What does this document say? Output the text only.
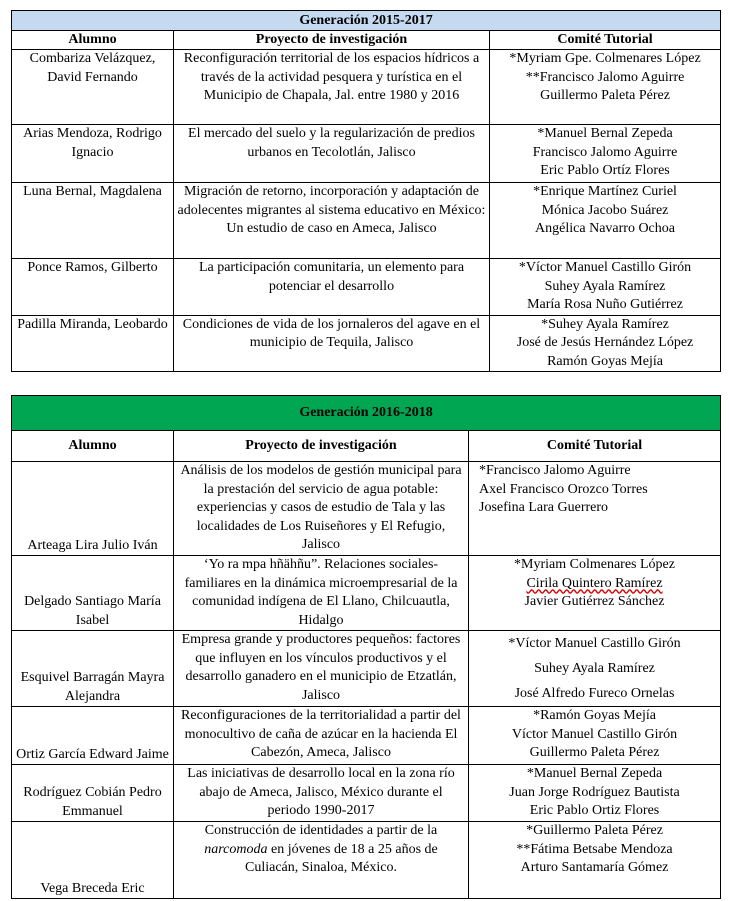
Generación 2015-2017		
Alumno	Proyecto de investigación	Comité Tutorial
Combariza Velázquez, David Fernando	Reconfiguración territorial de los espacios hídricos a través de la actividad pesquera y turística en el Municipio de Chapala, Jal. entre 1980 y 2016	*Myriam Gpe. Colmenares López
**Francisco Jalomo Aguirre
Guillermo Paleta Pérez

Arias Mendoza, Rodrigo Ignacio	El mercado del suelo y la regularización de predios urbanos en Tecolotlán, Jalisco	*Manuel Bernal Zepeda
Francisco Jalomo Aguirre
Eric Pablo Ortíz Flores

Luna Bernal, Magdalena	Migración de retorno, incorporación y adaptación de adolecentes migrantes al sistema educativo en México: Un estudio de caso en Ameca, Jalisco	*Enrique Martínez Curiel
Mónica Jacobo Suárez
Angélica Navarro Ochoa

Ponce Ramos, Gilberto	La participación comunitaria, un elemento para potenciar el desarrollo	*Víctor Manuel Castillo Girón
Suhey Ayala Ramírez
María Rosa Nuño Gutiérrez

Padilla Miranda, Leobardo	Condiciones de vida de los jornaleros del agave en el municipio de Tequila, Jalisco	*Suhey Ayala Ramírez
José de Jesús Hernández López
Ramón Goyas Mejía
Generación 2016-2018		
Alumno	Proyecto de investigación	Comité Tutorial
Arteaga Lira Julio Iván	Análisis de los modelos de gestión municipal para la prestación del servicio de agua potable: experiencias y casos de estudio de Tala y las localidades de Los Ruiseñores y El Refugio, Jalisco	*Francisco Jalomo Aguirre
Axel Francisco Orozco Torres
Josefina Lara Guerrero

Delgado Santiago María Isabel	‘Yo ra mpa hñähñu”. Relaciones sociales-familiares en la dinámica microempresarial de la comunidad indígena de El Llano, Chilcuautla, Hidalgo	*Myriam Colmenares López
Cirila Quintero Ramírez
Javier Gutiérrez Sánchez

Esquivel Barragán Mayra Alejandra	Empresa grande y productores pequeños: factores que influyen en los vínculos productivos y el desarrollo ganadero en el municipio de Etzatlán, Jalisco	*Víctor Manuel Castillo Girón
Suhey Ayala Ramírez
José Alfredo Fureco Ornelas

Ortiz García Edward Jaime	Reconfiguraciones de la territorialidad a partir del monocultivo de caña de azúcar en la hacienda El Cabezón, Ameca, Jalisco	*Ramón Goyas Mejía
Víctor Manuel Castillo Girón
Guillermo Paleta Pérez

Rodríguez Cobián Pedro Emmanuel	Las iniciativas de desarrollo local en la zona río abajo de Ameca, Jalisco, México durante el periodo 1990-2017	*Manuel Bernal Zepeda
Juan Jorge Rodríguez Bautista
Eric Pablo Ortiz Flores

Vega Breceda Eric	Construcción de identidades a partir de la narcomoda en jóvenes de 18 a 25 años de Culiacán, Sinaloa, México.	*Guillermo Paleta Pérez
**Fátima Betsabe Mendoza
Arturo Santamaría Gómez
